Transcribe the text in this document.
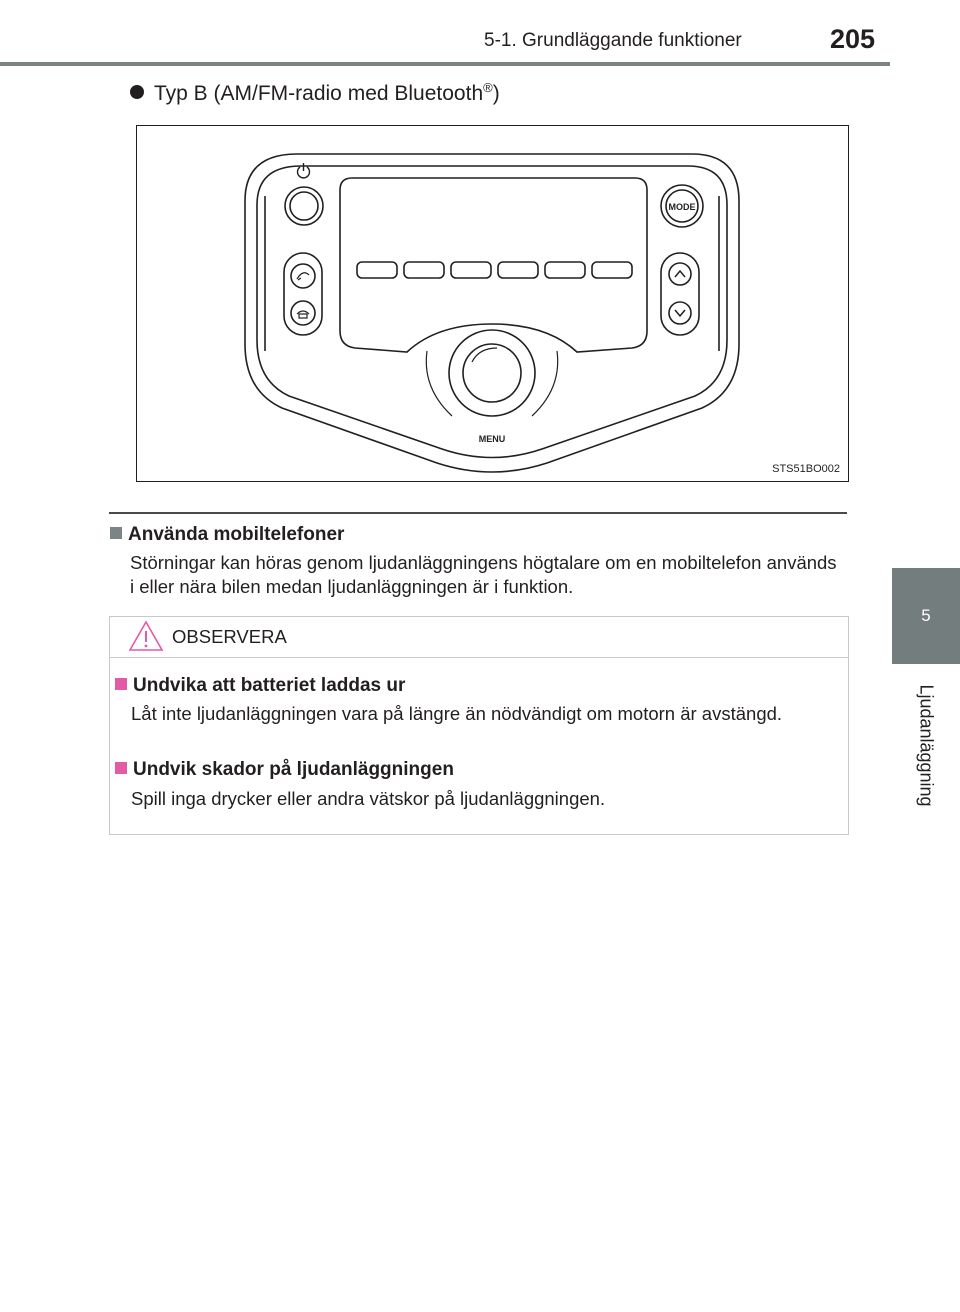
5-1. Grundläggande funktioner	205
5
Ljudanläggning
Typ B (AM/FM-radio med Bluetooth®)
MODE
MENU
STS51BO002
Använda mobiltelefoner
Störningar kan höras genom ljudanläggningens högtalare om en mobiltelefon används i eller nära bilen medan ljudanläggningen är i funktion.
OBSERVERA
Undvika att batteriet laddas ur
Låt inte ljudanläggningen vara på längre än nödvändigt om motorn är avstängd.
Undvik skador på ljudanläggningen
Spill inga drycker eller andra vätskor på ljudanläggningen.
